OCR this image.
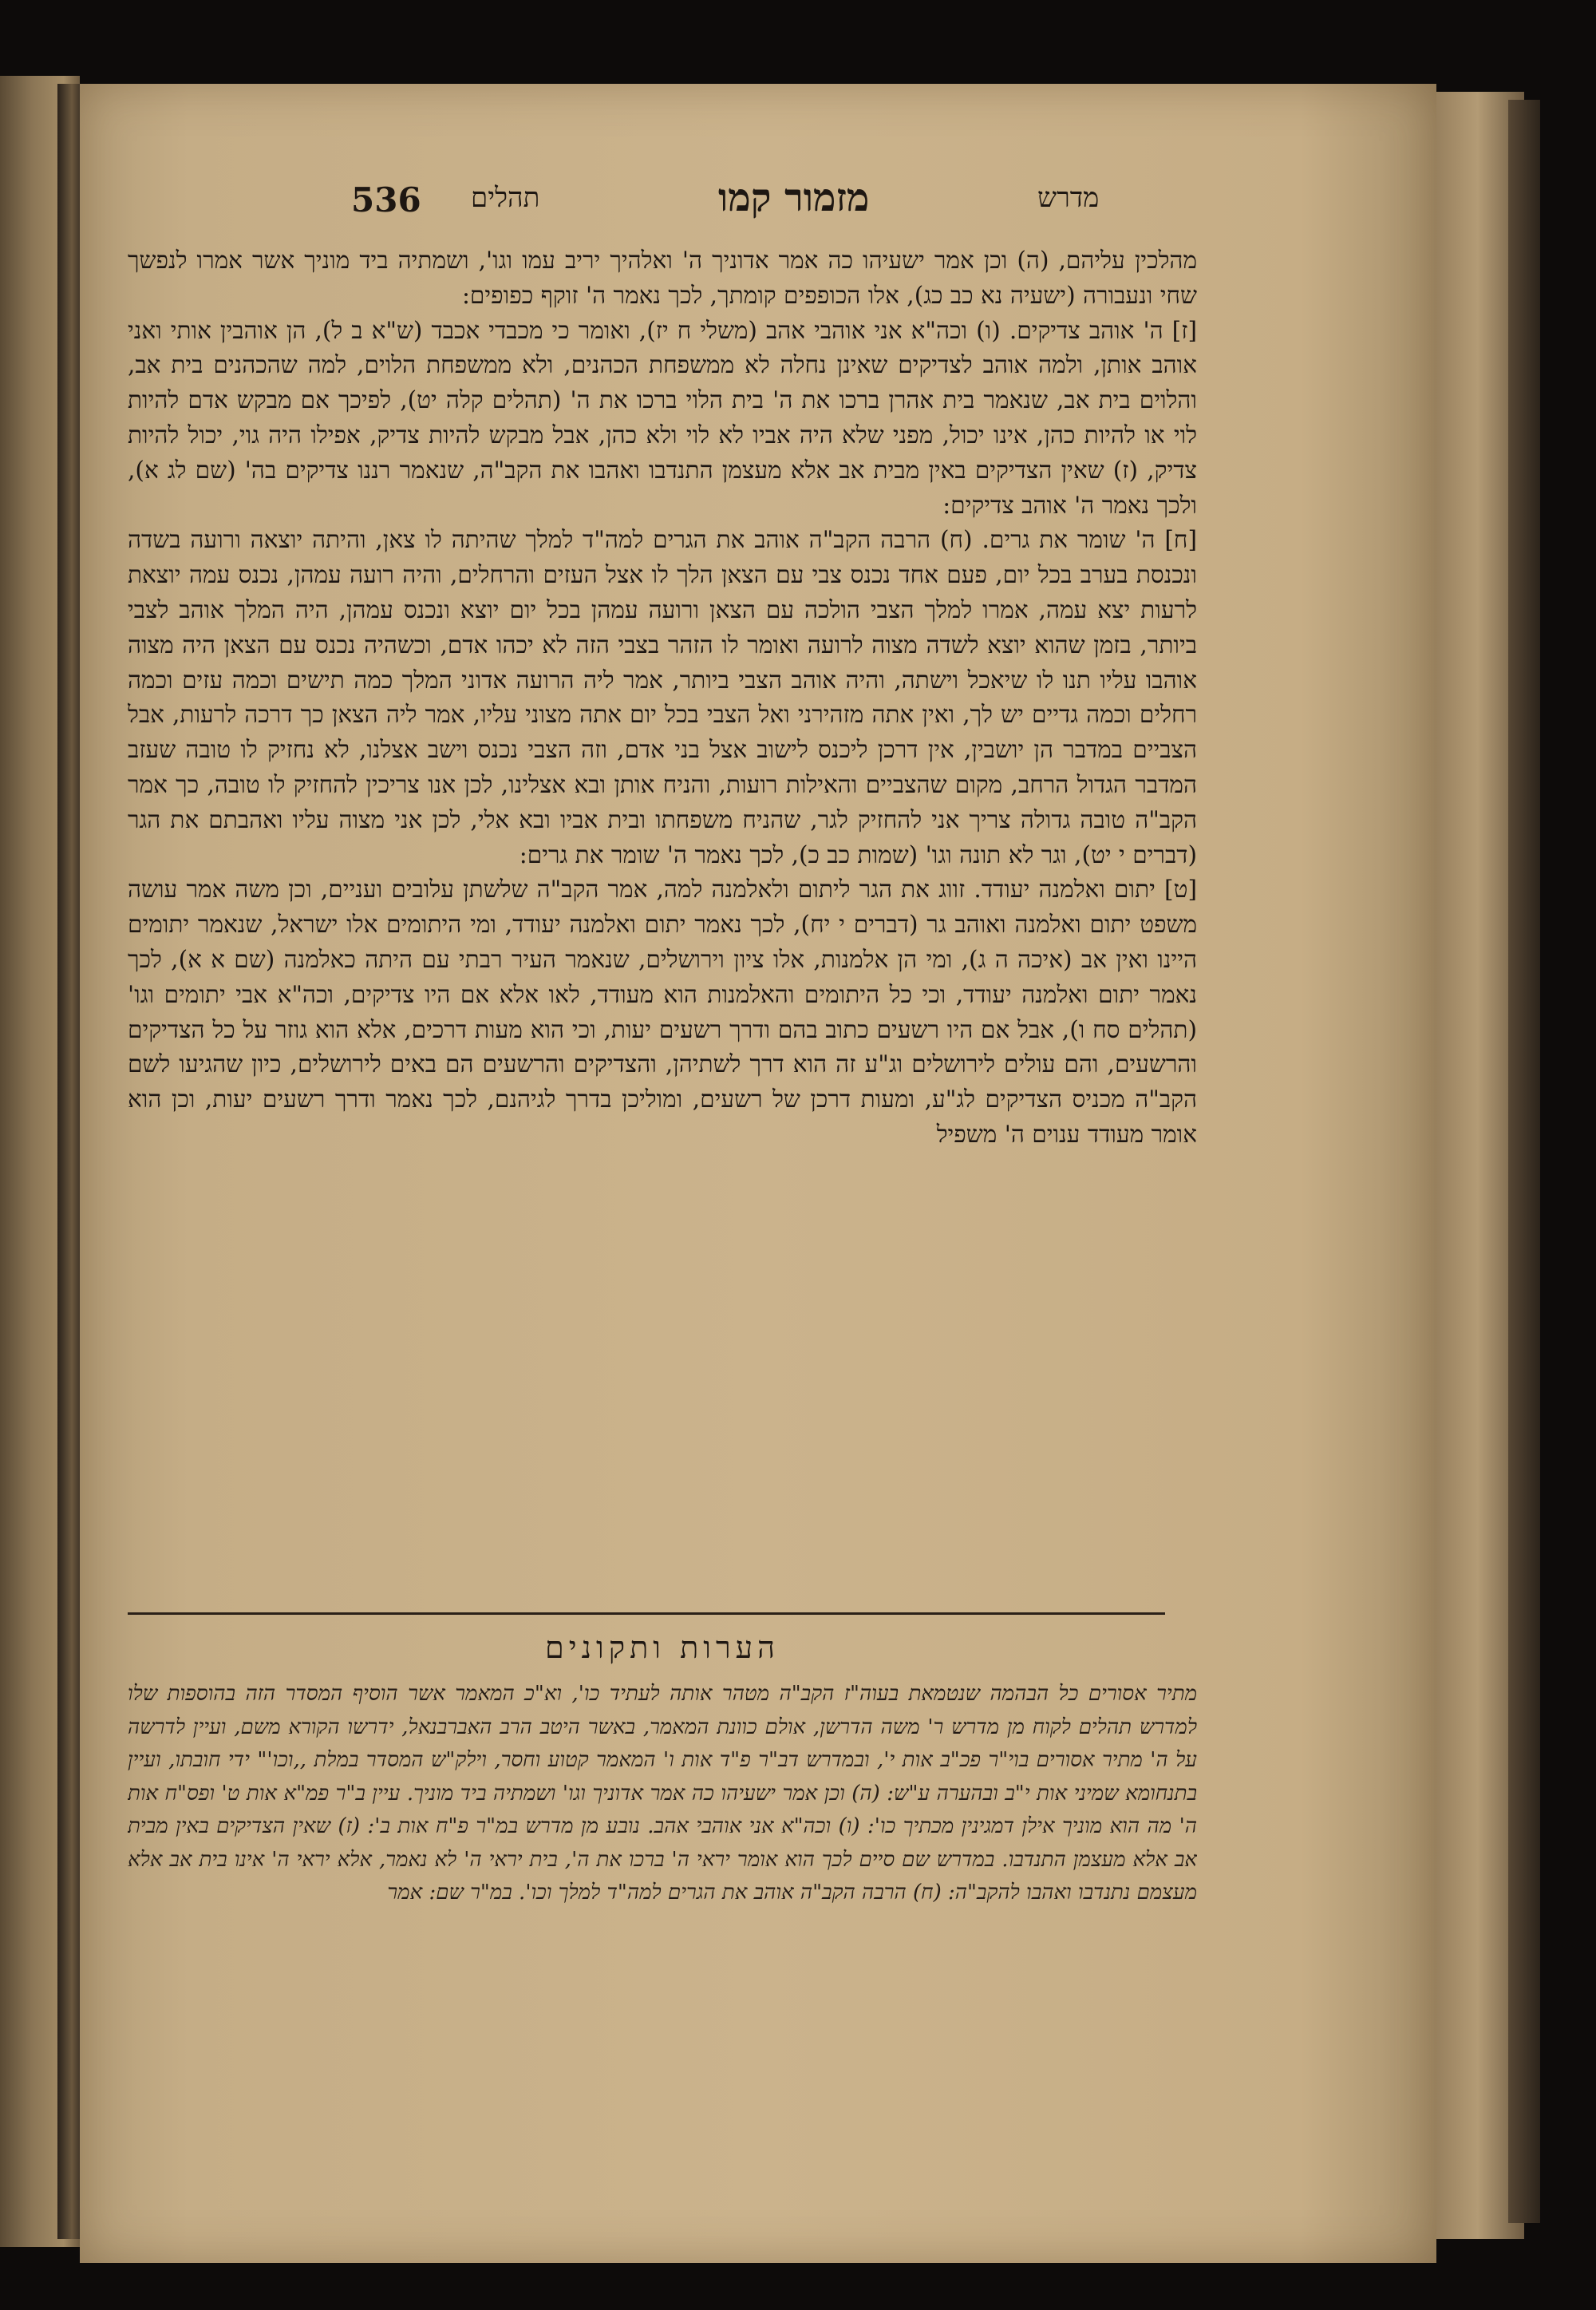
מדרש
מזמור קמו
תהלים
536

מהלכין עליהם, (ה) וכן אמר ישעיהו כה אמר אדוניך ה' ואלהיך יריב עמו וגו', ושמתיה ביד מוניך אשר אמרו לנפשך שחי ונעבורה (ישעיה נא כב כג), אלו הכופפים קומתך, לכך נאמר ה' זוקף כפופים:

[ז] ה' אוהב צדיקים. (ו) וכה"א אני אוהבי אהב (משלי ח יז), ואומר כי מכבדי אכבד (ש"א ב ל), הן אוהבין אותי ואני אוהב אותן, ולמה אוהב לצדיקים שאינן נחלה לא ממשפחת הכהנים, ולא ממשפחת הלוים, למה שהכהנים בית אב, והלוים בית אב, שנאמר בית אהרן ברכו את ה' בית הלוי ברכו את ה' (תהלים קלה יט), לפיכך אם מבקש אדם להיות לוי או להיות כהן, אינו יכול, מפני שלא היה אביו לא לוי ולא כהן, אבל מבקש להיות צדיק, אפילו היה גוי, יכול להיות צדיק, (ז) שאין הצדיקים באין מבית אב אלא מעצמן התנדבו ואהבו את הקב"ה, שנאמר רננו צדיקים בה' (שם לג א), ולכך נאמר ה' אוהב צדיקים:

[ח] ה' שומר את גרים. (ח) הרבה הקב"ה אוהב את הגרים למה"ד למלך שהיתה לו צאן, והיתה יוצאה ורועה בשדה ונכנסת בערב בכל יום, פעם אחד נכנס צבי עם הצאן הלך לו אצל העזים והרחלים, והיה רועה עמהן, נכנס עמה יוצאת לרעות יצא עמה, אמרו למלך הצבי הולכה עם הצאן ורועה עמהן בכל יום יוצא ונכנס עמהן, היה המלך אוהב לצבי ביותר, בזמן שהוא יוצא לשדה מצוה לרועה ואומר לו הזהר בצבי הזה לא יכהו אדם, וכשהיה נכנס עם הצאן היה מצוה אוהבו עליו תנו לו שיאכל וישתה, והיה אוהב הצבי ביותר, אמר ליה הרועה אדוני המלך כמה תישים וכמה עזים וכמה רחלים וכמה גדיים יש לך, ואין אתה מזהירני ואל הצבי בכל יום אתה מצוני עליו, אמר ליה הצאן כך דרכה לרעות, אבל הצביים במדבר הן יושבין, אין דרכן ליכנס לישוב אצל בני אדם, וזה הצבי נכנס וישב אצלנו, לא נחזיק לו טובה שעזב המדבר הגדול הרחב, מקום שהצביים והאילות רועות, והניח אותן ובא אצלינו, לכן אנו צריכין להחזיק לו טובה, כך אמר הקב"ה טובה גדולה צריך אני להחזיק לגר, שהניח משפחתו ובית אביו ובא אלי, לכן אני מצוה עליו ואהבתם את הגר (דברים י יט), וגר לא תונה וגו' (שמות כב כ), לכך נאמר ה' שומר את גרים:

[ט] יתום ואלמנה יעודד. זווג את הגר ליתום ולאלמנה למה, אמר הקב"ה שלשתן עלובים ועניים, וכן משה אמר עושה משפט יתום ואלמנה ואוהב גר (דברים י יח), לכך נאמר יתום ואלמנה יעודד, ומי היתומים אלו ישראל, שנאמר יתומים היינו ואין אב (איכה ה ג), ומי הן אלמנות, אלו ציון וירושלים, שנאמר העיר רבתי עם היתה כאלמנה (שם א א), לכך נאמר יתום ואלמנה יעודד, וכי כל היתומים והאלמנות הוא מעודד, לאו אלא אם היו צדיקים, וכה"א אבי יתומים וגו' (תהלים סח ו), אבל אם היו רשעים כתוב בהם ודרך רשעים יעות, וכי הוא מעות דרכים, אלא הוא גוזר על כל הצדיקים והרשעים, והם עולים לירושלים וג"ע זה הוא דרך לשתיהן, והצדיקים והרשעים הם באים לירושלים, כיון שהגיעו לשם הקב"ה מכניס הצדיקים לג"ע, ומעות דרכן של רשעים, ומוליכן בדרך לגיהנם, לכך נאמר ודרך רשעים יעות, וכן הוא אומר מעודד ענוים ה' משפיל

הערות ותקונים

מתיר אסורים כל הבהמה שנטמאת בעוה"ז הקב"ה מטהר אותה לעתיד כו', וא"כ המאמר אשר הוסיף המסדר הזה בהוספות שלו למדרש תהלים לקוח מן מדרש ר' משה הדרשן, אולם כוונת המאמר, באשר היטב הרב האברבנאל, ידרשו הקורא משם, ועיין לדרשה על ה' מתיר אסורים בוי"ר פכ"ב אות י', ובמדרש דב"ר פ"ד אות ו' המאמר קטוע וחסר, וילק"ש המסדר במלת ,,וכו'" ידי חובתו, ועיין בתנחומא שמיני אות י"ב ובהערה ע"ש: (ה) וכן אמר ישעיהו כה אמר אדוניך וגו' ושמתיה ביד מוניך. עיין ב"ר פמ"א אות ט' ופס"ח אות ה' מה הוא מוניך אילן דמגינין מכתיך כו': (ו) וכה"א אני אוהבי אהב. נובע מן מדרש במ"ר פ"ח אות ב': (ז) שאין הצדיקים באין מבית אב אלא מעצמן התנדבו. במדרש שם סיים לכך הוא אומר יראי ה' ברכו את ה', בית יראי ה' לא נאמר, אלא יראי ה' אינו בית אב אלא מעצמם נתנדבו ואהבו להקב"ה: (ח) הרבה הקב"ה אוהב את הגרים למה"ד למלך וכו'. במ"ר שם: אמר
